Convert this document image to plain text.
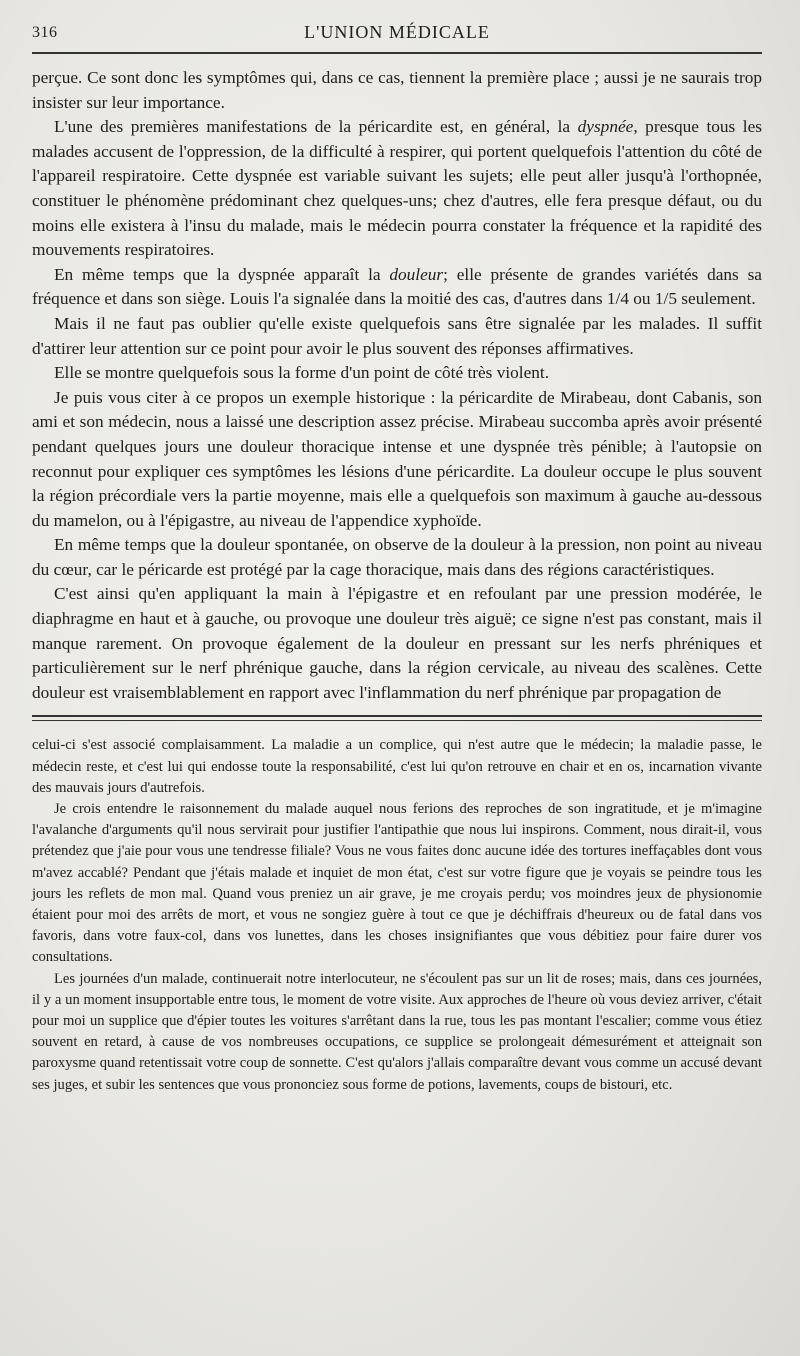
316	L'UNION MÉDICALE

perçue. Ce sont donc les symptômes qui, dans ce cas, tiennent la première place ; aussi je ne saurais trop insister sur leur importance.

L'une des premières manifestations de la péricardite est, en général, la dyspnée, presque tous les malades accusent de l'oppression, de la difficulté à respirer, qui portent quelquefois l'attention du côté de l'appareil respiratoire. Cette dyspnée est variable suivant les sujets; elle peut aller jusqu'à l'orthopnée, constituer le phénomène prédominant chez quelques-uns; chez d'autres, elle fera presque défaut, ou du moins elle existera à l'insu du malade, mais le médecin pourra constater la fréquence et la rapidité des mouvements respiratoires.

En même temps que la dyspnée apparaît la douleur; elle présente de grandes variétés dans sa fréquence et dans son siège. Louis l'a signalée dans la moitié des cas, d'autres dans 1/4 ou 1/5 seulement.

Mais il ne faut pas oublier qu'elle existe quelquefois sans être signalée par les malades. Il suffit d'attirer leur attention sur ce point pour avoir le plus souvent des réponses affirmatives.

Elle se montre quelquefois sous la forme d'un point de côté très violent.

Je puis vous citer à ce propos un exemple historique : la péricardite de Mirabeau, dont Cabanis, son ami et son médecin, nous a laissé une description assez précise. Mirabeau succomba après avoir présenté pendant quelques jours une douleur thoracique intense et une dyspnée très pénible; à l'autopsie on reconnut pour expliquer ces symptômes les lésions d'une péricardite. La douleur occupe le plus souvent la région précordiale vers la partie moyenne, mais elle a quelquefois son maximum à gauche au-dessous du mamelon, ou à l'épigastre, au niveau de l'appendice xyphoïde.

En même temps que la douleur spontanée, on observe de la douleur à la pression, non point au niveau du cœur, car le péricarde est protégé par la cage thoracique, mais dans des régions caractéristiques.

C'est ainsi qu'en appliquant la main à l'épigastre et en refoulant par une pression modérée, le diaphragme en haut et à gauche, ou provoque une douleur très aiguë; ce signe n'est pas constant, mais il manque rarement. On provoque également de la douleur en pressant sur les nerfs phréniques et particulièrement sur le nerf phrénique gauche, dans la région cervicale, au niveau des scalènes. Cette douleur est vraisemblablement en rapport avec l'inflammation du nerf phrénique par propagation de

celui-ci s'est associé complaisamment. La maladie a un complice, qui n'est autre que le médecin; la maladie passe, le médecin reste, et c'est lui qui endosse toute la responsabilité, c'est lui qu'on retrouve en chair et en os, incarnation vivante des mauvais jours d'autrefois.

Je crois entendre le raisonnement du malade auquel nous ferions des reproches de son ingratitude, et je m'imagine l'avalanche d'arguments qu'il nous servirait pour justifier l'antipathie que nous lui inspirons. Comment, nous dirait-il, vous prétendez que j'aie pour vous une tendresse filiale? Vous ne vous faites donc aucune idée des tortures ineffaçables dont vous m'avez accablé? Pendant que j'étais malade et inquiet de mon état, c'est sur votre figure que je voyais se peindre tous les jours les reflets de mon mal. Quand vous preniez un air grave, je me croyais perdu; vos moindres jeux de physionomie étaient pour moi des arrêts de mort, et vous ne songiez guère à tout ce que je déchiffrais d'heureux ou de fatal dans vos favoris, dans votre faux-col, dans vos lunettes, dans les choses insignifiantes que vous débitiez pour faire durer vos consultations.

Les journées d'un malade, continuerait notre interlocuteur, ne s'écoulent pas sur un lit de roses; mais, dans ces journées, il y a un moment insupportable entre tous, le moment de votre visite. Aux approches de l'heure où vous deviez arriver, c'était pour moi un supplice que d'épier toutes les voitures s'arrêtant dans la rue, tous les pas montant l'escalier; comme vous étiez souvent en retard, à cause de vos nombreuses occupations, ce supplice se prolongeait démesurément et atteignait son paroxysme quand retentissait votre coup de sonnette. C'est qu'alors j'allais comparaître devant vous comme un accusé devant ses juges, et subir les sentences que vous prononciez sous forme de potions, lavements, coups de bistouri, etc.
